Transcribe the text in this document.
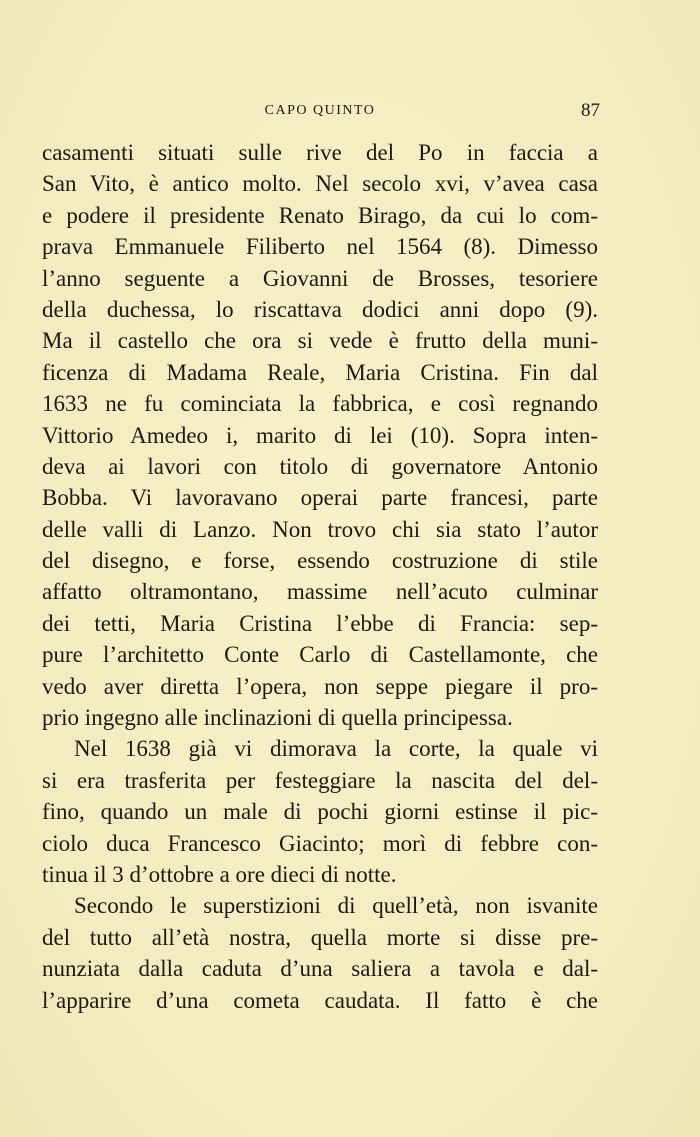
CAPO QUINTO	87
casamenti situati sulle rive del Po in faccia a
San Vito, è antico molto. Nel secolo xvi, v’avea casa
e podere il presidente Renato Birago, da cui lo com-
prava Emmanuele Filiberto nel 1564 (8). Dimesso
l’anno seguente a Giovanni de Brosses, tesoriere
della duchessa, lo riscattava dodici anni dopo (9).
Ma il castello che ora si vede è frutto della muni-
ficenza di Madama Reale, Maria Cristina. Fin dal
1633 ne fu cominciata la fabbrica, e così regnando
Vittorio Amedeo i, marito di lei (10). Sopra inten-
deva ai lavori con titolo di governatore Antonio
Bobba. Vi lavoravano operai parte francesi, parte
delle valli di Lanzo. Non trovo chi sia stato l’autor
del disegno, e forse, essendo costruzione di stile
affatto oltramontano, massime nell’acuto culminar
dei tetti, Maria Cristina l’ebbe di Francia: sep-
pure l’architetto Conte Carlo di Castellamonte, che
vedo aver diretta l’opera, non seppe piegare il pro-
prio ingegno alle inclinazioni di quella principessa.
Nel 1638 già vi dimorava la corte, la quale vi
si era trasferita per festeggiare la nascita del del-
fino, quando un male di pochi giorni estinse il pic-
ciolo duca Francesco Giacinto; morì di febbre con-
tinua il 3 d’ottobre a ore dieci di notte.
Secondo le superstizioni di quell’età, non isvanite
del tutto all’età nostra, quella morte si disse pre-
nunziata dalla caduta d’una saliera a tavola e dal-
l’apparire d’una cometa caudata. Il fatto è che
